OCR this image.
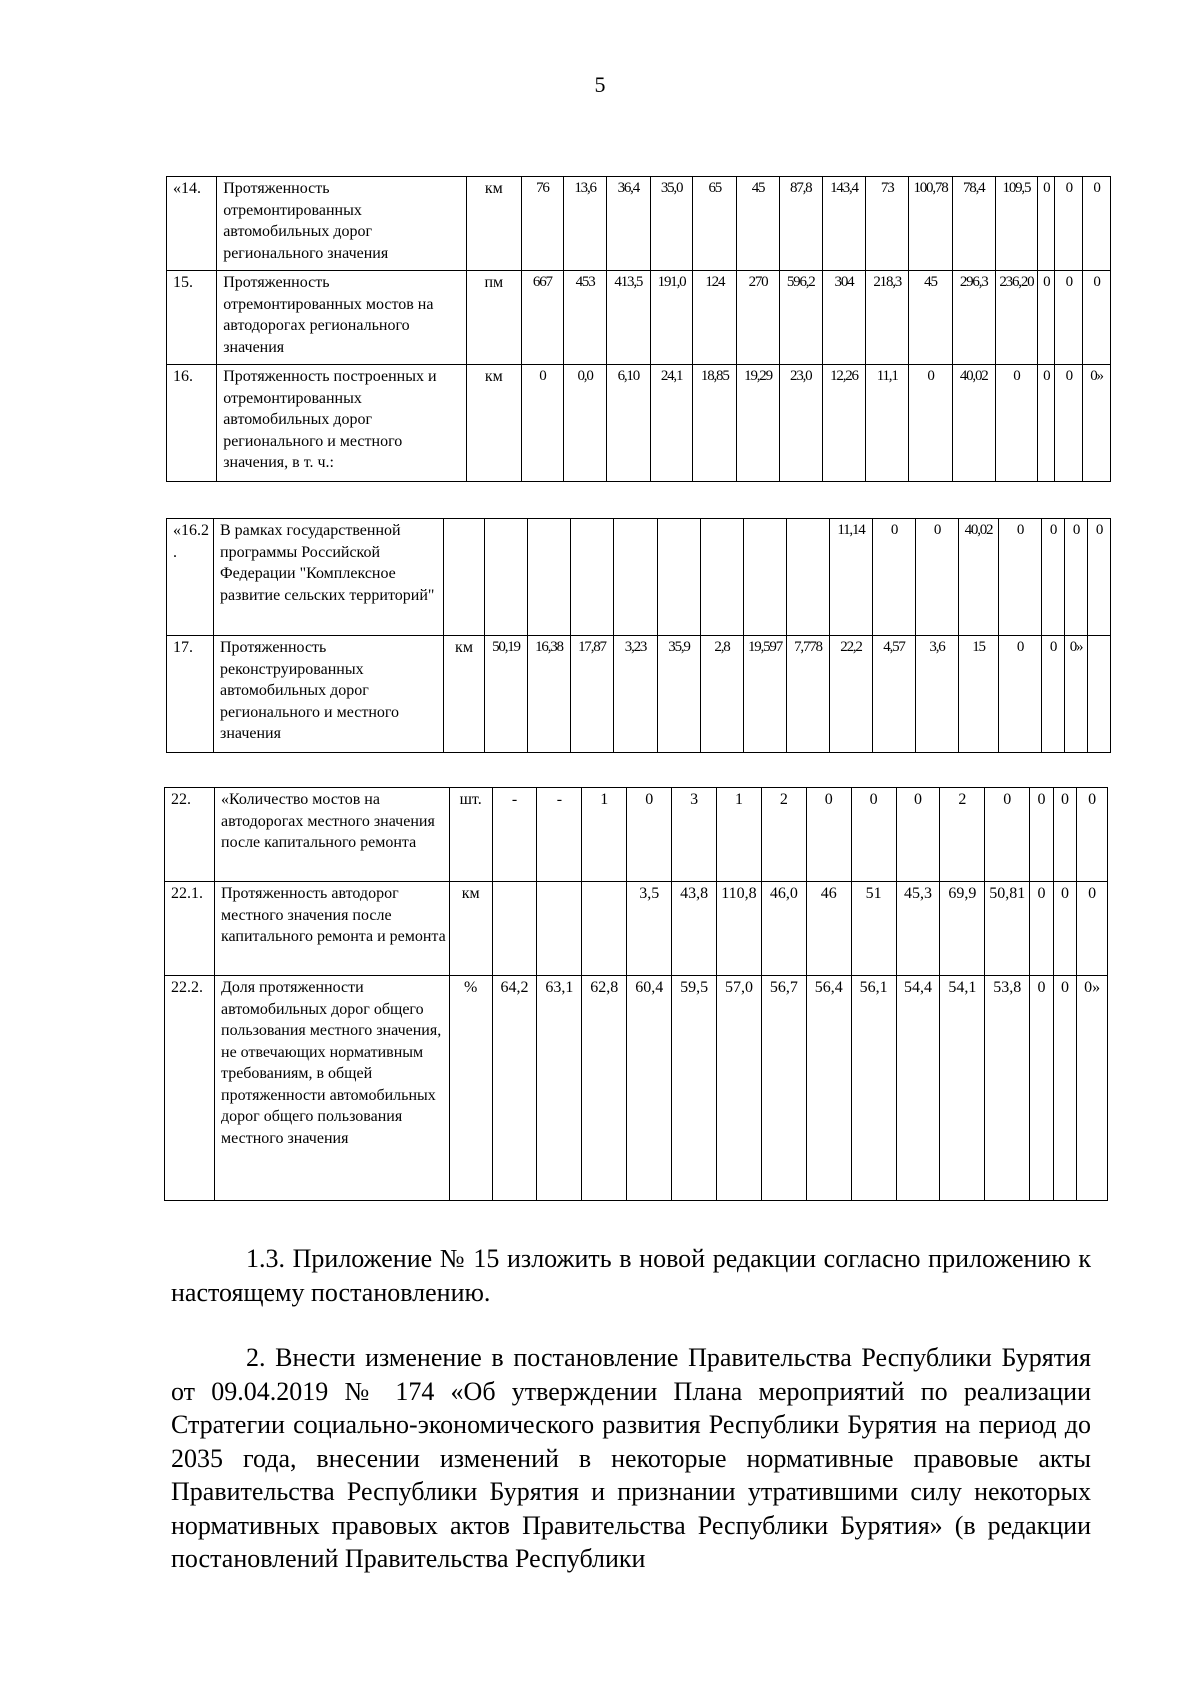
5
«14.	Протяженность отремонтированных автомобильных дорог регионального значения	км	76	13,6	36,4	35,0	65	45	87,8	143,4	73	100,78	78,4	109,5	0	0	0
15.	Протяженность отремонтированных мостов на автодорогах регионального значения	пм	667	453	413,5	191,0	124	270	596,2	304	218,3	45	296,3	236,20	0	0	0
16.	Протяженность построенных и отремонтированных автомобильных дорог регионального и местного значения, в т. ч.:	км	0	0,0	6,10	24,1	18,85	19,29	23,0	12,26	11,1	0	40,02	0	0	0	0»
«16.2.	В рамках государственной программы Российской Федерации "Комплексное развитие сельских территорий"										11,14	0	0	40,02	0	0	0	0
17.	Протяженность реконструированных автомобильных дорог регионального и местного значения	км	50,19	16,38	17,87	3,23	35,9	2,8	19,597	7,778	22,2	4,57	3,6	15	0	0	0»	
22.	«Количество мостов на автодорогах местного значения после капитального ремонта	шт.	-	-	1	0	3	1	2	0	0	0	2	0	0	0	0
22.1.	Протяженность автодорог местного значения после капитального ремонта и ремонта	км				3,5	43,8	110,8	46,0	46	51	45,3	69,9	50,81	0	0	0
22.2.	Доля протяженности автомобильных дорог общего пользования местного значения, не отвечающих нормативным требованиям, в общей протяженности автомобильных дорог общего пользования местного значения	%	64,2	63,1	62,8	60,4	59,5	57,0	56,7	56,4	56,1	54,4	54,1	53,8	0	0	0»

1.3. Приложение № 15 изложить в новой редакции согласно приложению к настоящему постановлению.

2. Внести изменение в постановление Правительства Республики Бурятия от 09.04.2019 № 174 «Об утверждении Плана мероприятий по реализации Стратегии социально-экономического развития Республики Бурятия на период до 2035 года, внесении изменений в некоторые нормативные правовые акты Правительства Республики Бурятия и признании утратившими силу некоторых нормативных правовых актов Правительства Республики Бурятия» (в редакции постановлений Правительства Республики
